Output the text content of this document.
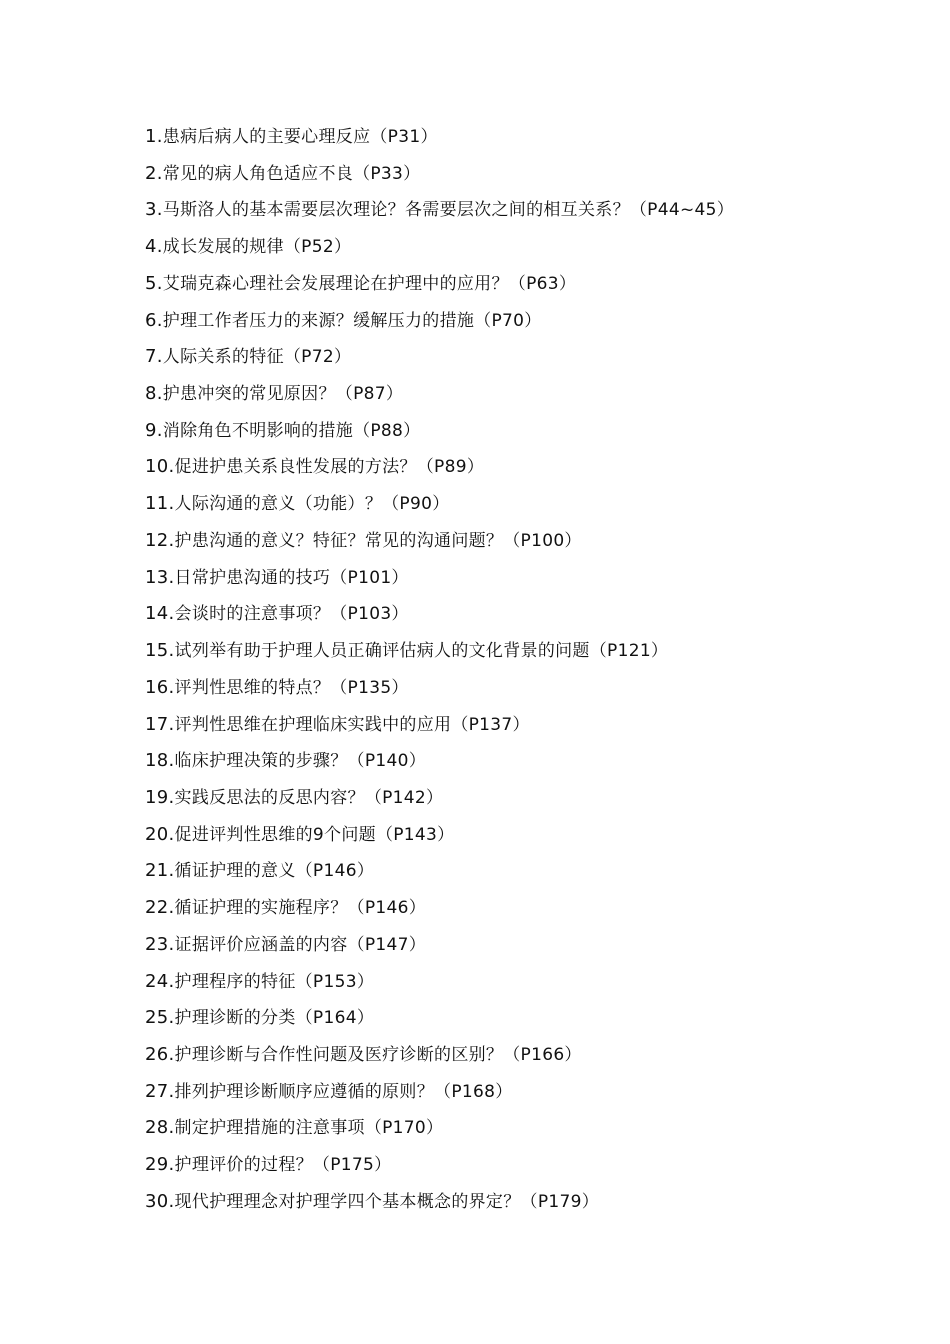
1.患病后病人的主要心理反应（P31）
2.常见的病人角色适应不良（P33）
3.马斯洛人的基本需要层次理论？各需要层次之间的相互关系？（P44~45）
4.成长发展的规律（P52）
5.艾瑞克森心理社会发展理论在护理中的应用？（P63）
6.护理工作者压力的来源？缓解压力的措施（P70）
7.人际关系的特征（P72）
8.护患冲突的常见原因？（P87）
9.消除角色不明影响的措施（P88）
10.促进护患关系良性发展的方法？（P89）
11.人际沟通的意义（功能）？（P90）
12.护患沟通的意义？特征？常见的沟通问题？（P100）
13.日常护患沟通的技巧（P101）
14.会谈时的注意事项？（P103）
15.试列举有助于护理人员正确评估病人的文化背景的问题（P121）
16.评判性思维的特点？（P135）
17.评判性思维在护理临床实践中的应用（P137）
18.临床护理决策的步骤？（P140）
19.实践反思法的反思内容？（P142）
20.促进评判性思维的9个问题（P143）
21.循证护理的意义（P146）
22.循证护理的实施程序？（P146）
23.证据评价应涵盖的内容（P147）
24.护理程序的特征（P153）
25.护理诊断的分类（P164）
26.护理诊断与合作性问题及医疗诊断的区别？（P166）
27.排列护理诊断顺序应遵循的原则？（P168）
28.制定护理措施的注意事项（P170）
29.护理评价的过程？（P175）
30.现代护理理念对护理学四个基本概念的界定？（P179）
